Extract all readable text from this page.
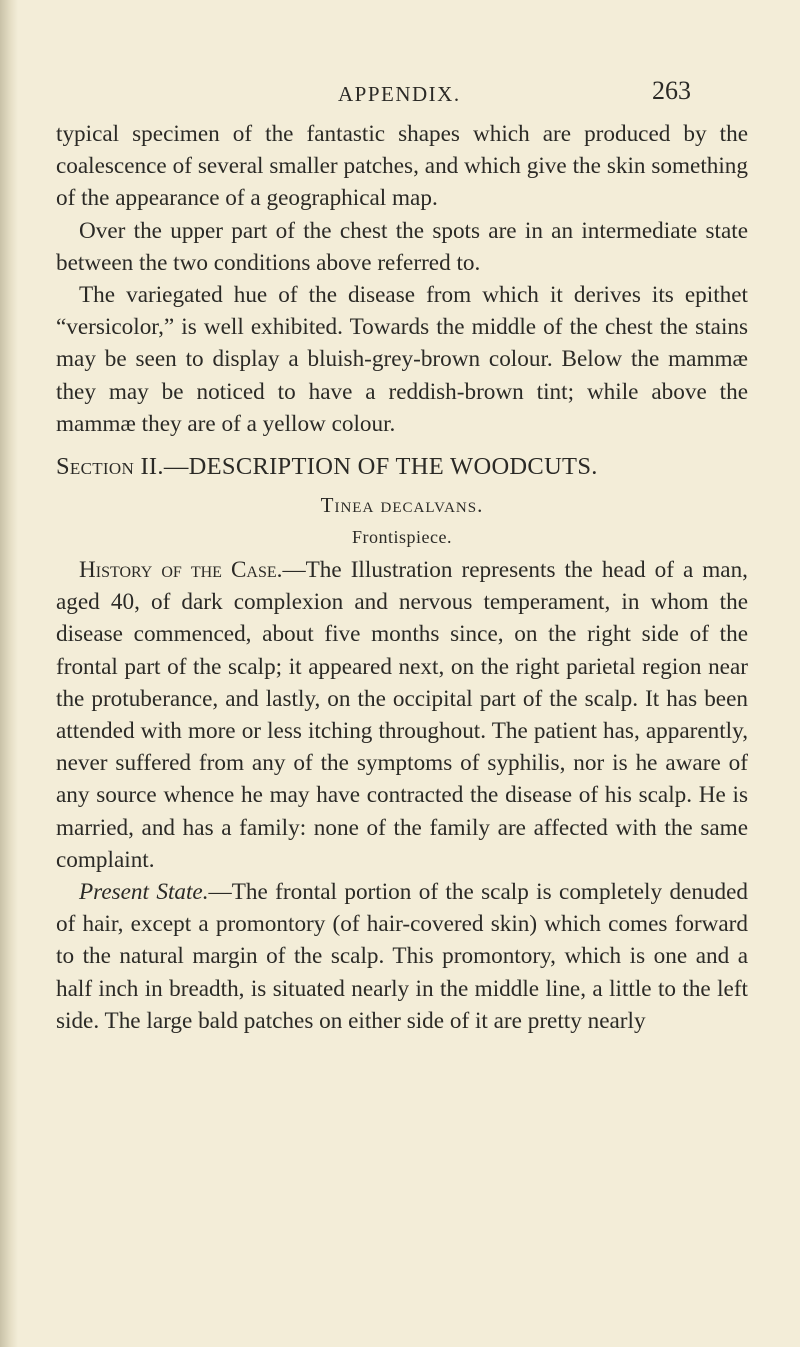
APPENDIX.	263

typical specimen of the fantastic shapes which are produced by the coalescence of several smaller patches, and which give the skin something of the appearance of a geographical map.

Over the upper part of the chest the spots are in an intermediate state between the two conditions above referred to.

The variegated hue of the disease from which it derives its epithet “versicolor,” is well exhibited. Towards the middle of the chest the stains may be seen to display a bluish-grey-brown colour. Below the mammæ they may be noticed to have a reddish-brown tint; while above the mammæ they are of a yellow colour.

Section II.—DESCRIPTION OF THE WOODCUTS.

Tinea decalvans.

Frontispiece.

History of the Case.—The Illustration represents the head of a man, aged 40, of dark complexion and nervous temperament, in whom the disease commenced, about five months since, on the right side of the frontal part of the scalp; it appeared next, on the right parietal region near the protuberance, and lastly, on the occipital part of the scalp. It has been attended with more or less itching throughout. The patient has, apparently, never suffered from any of the symptoms of syphilis, nor is he aware of any source whence he may have contracted the disease of his scalp. He is married, and has a family: none of the family are affected with the same complaint.

Present State.—The frontal portion of the scalp is completely denuded of hair, except a promontory (of hair-covered skin) which comes forward to the natural margin of the scalp. This promontory, which is one and a half inch in breadth, is situated nearly in the middle line, a little to the left side. The large bald patches on either side of it are pretty nearly
